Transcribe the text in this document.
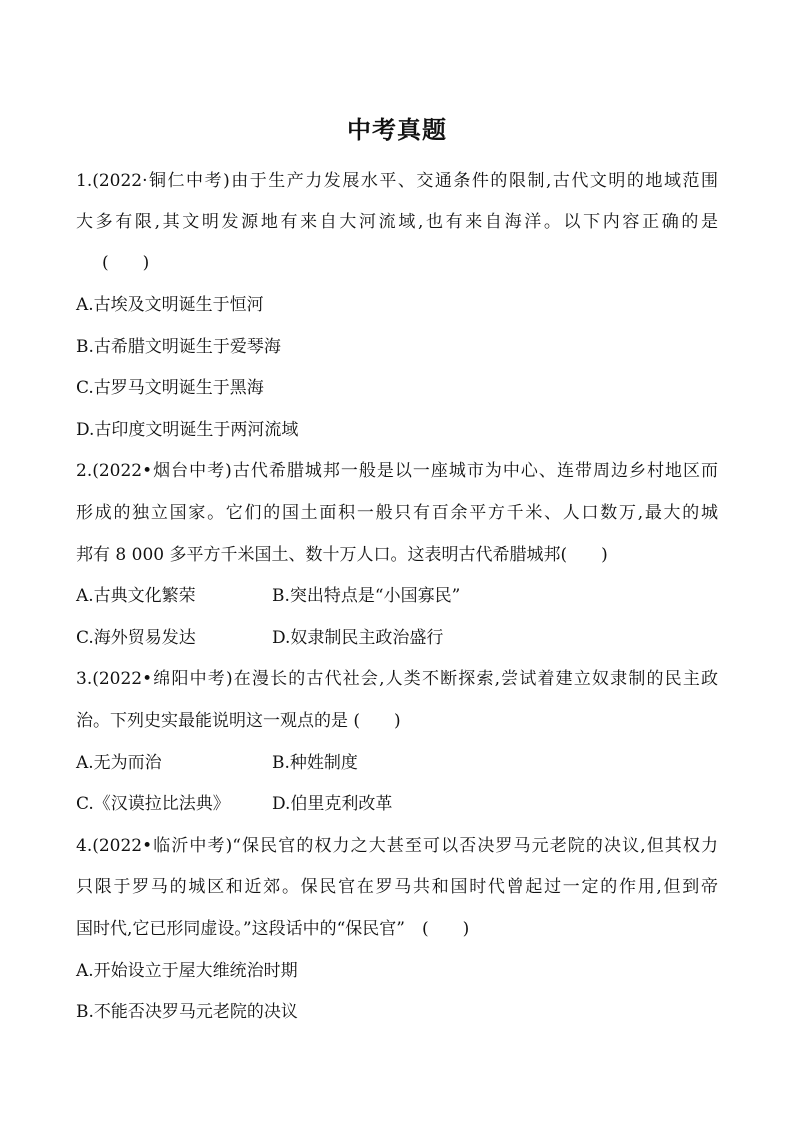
中考真题
1.(2022·铜仁中考)由于生产力发展水平、交通条件的限制,古代文明的地域范围
大多有限,其文明发源地有来自大河流域,也有来自海洋。以下内容正确的是
(　　)
A.古埃及文明诞生于恒河
B.古希腊文明诞生于爱琴海
C.古罗马文明诞生于黑海
D.古印度文明诞生于两河流域
2.(2022•烟台中考)古代希腊城邦一般是以一座城市为中心、连带周边乡村地区而
形成的独立国家。它们的国土面积一般只有百余平方千米、人口数万,最大的城
邦有 8 000 多平方千米国土、数十万人口。这表明古代希腊城邦(　　)
A.古典文化繁荣	B.突出特点是“小国寡民”
C.海外贸易发达	D.奴隶制民主政治盛行
3.(2022•绵阳中考)在漫长的古代社会,人类不断探索,尝试着建立奴隶制的民主政
治。下列史实最能说明这一观点的是 (　　)
A.无为而治	B.种姓制度
C.《汉谟拉比法典》 D.伯里克利改革
4.(2022•临沂中考)“保民官的权力之大甚至可以否决罗马元老院的决议,但其权力
只限于罗马的城区和近郊。保民官在罗马共和国时代曾起过一定的作用,但到帝
国时代,它已形同虚设。”这段话中的“保民官”　(　　)
A.开始设立于屋大维统治时期
B.不能否决罗马元老院的决议
